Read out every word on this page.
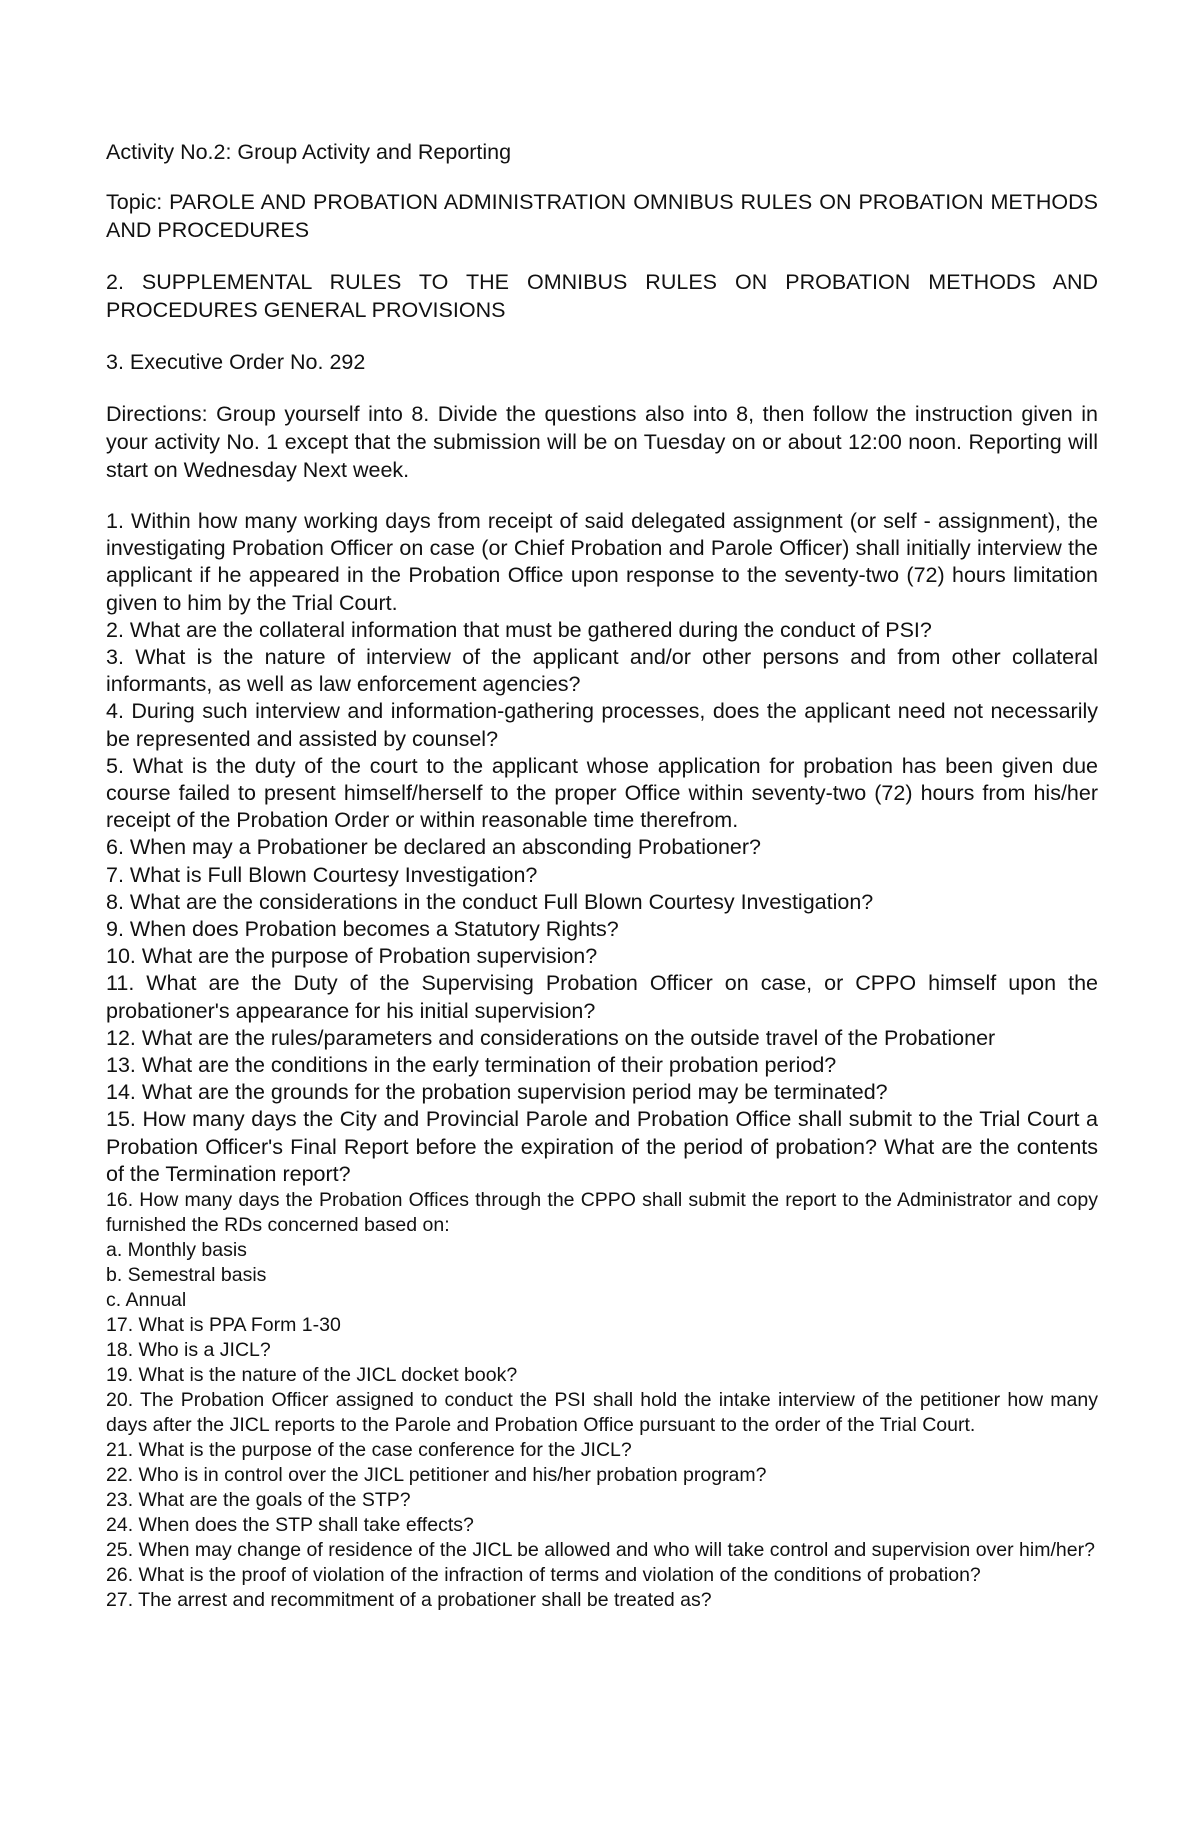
Activity No.2: Group Activity and Reporting

Topic: PAROLE AND PROBATION ADMINISTRATION OMNIBUS RULES ON PROBATION METHODS AND PROCEDURES

2. SUPPLEMENTAL RULES TO THE OMNIBUS RULES ON PROBATION METHODS AND PROCEDURES GENERAL PROVISIONS

3. Executive Order No. 292

Directions: Group yourself into 8. Divide the questions also into 8, then follow the instruction given in your activity No. 1 except that the submission will be on Tuesday on or about 12:00 noon. Reporting will start on Wednesday Next week.

1. Within how many working days from receipt of said delegated assignment (or self - assignment), the investigating Probation Officer on case (or Chief Probation and Parole Officer) shall initially interview the applicant if he appeared in the Probation Office upon response to the seventy-two (72) hours limitation given to him by the Trial Court.
2. What are the collateral information that must be gathered during the conduct of PSI?
3. What is the nature of interview of the applicant and/or other persons and from other collateral informants, as well as law enforcement agencies?
4. During such interview and information-gathering processes, does the applicant need not necessarily be represented and assisted by counsel?
5. What is the duty of the court to the applicant whose application for probation has been given due course failed to present himself/herself to the proper Office within seventy-two (72) hours from his/her receipt of the Probation Order or within reasonable time therefrom.
6. When may a Probationer be declared an absconding Probationer?
7. What is Full Blown Courtesy Investigation?
8. What are the considerations in the conduct Full Blown Courtesy Investigation?
9. When does Probation becomes a Statutory Rights?
10. What are the purpose of Probation supervision?
11. What are the Duty of the Supervising Probation Officer on case, or CPPO himself upon the probationer's appearance for his initial supervision?
12. What are the rules/parameters and considerations on the outside travel of the Probationer
13. What are the conditions in the early termination of their probation period?
14. What are the grounds for the probation supervision period may be terminated?
15. How many days the City and Provincial Parole and Probation Office shall submit to the Trial Court a Probation Officer's Final Report before the expiration of the period of probation? What are the contents of the Termination report?
16. How many days the Probation Offices through the CPPO shall submit the report to the Administrator and copy furnished the RDs concerned based on:
a. Monthly basis
b. Semestral basis
c. Annual
17. What is PPA Form 1-30
18. Who is a JICL?
19. What is the nature of the JICL docket book?
20. The Probation Officer assigned to conduct the PSI shall hold the intake interview of the petitioner how many days after the JICL reports to the Parole and Probation Office pursuant to the order of the Trial Court.
21. What is the purpose of the case conference for the JICL?
22. Who is in control over the JICL petitioner and his/her probation program?
23. What are the goals of the STP?
24. When does the STP shall take effects?
25. When may change of residence of the JICL be allowed and who will take control and supervision over him/her?
26. What is the proof of violation of the infraction of terms and violation of the conditions of probation?
27. The arrest and recommitment of a probationer shall be treated as?
